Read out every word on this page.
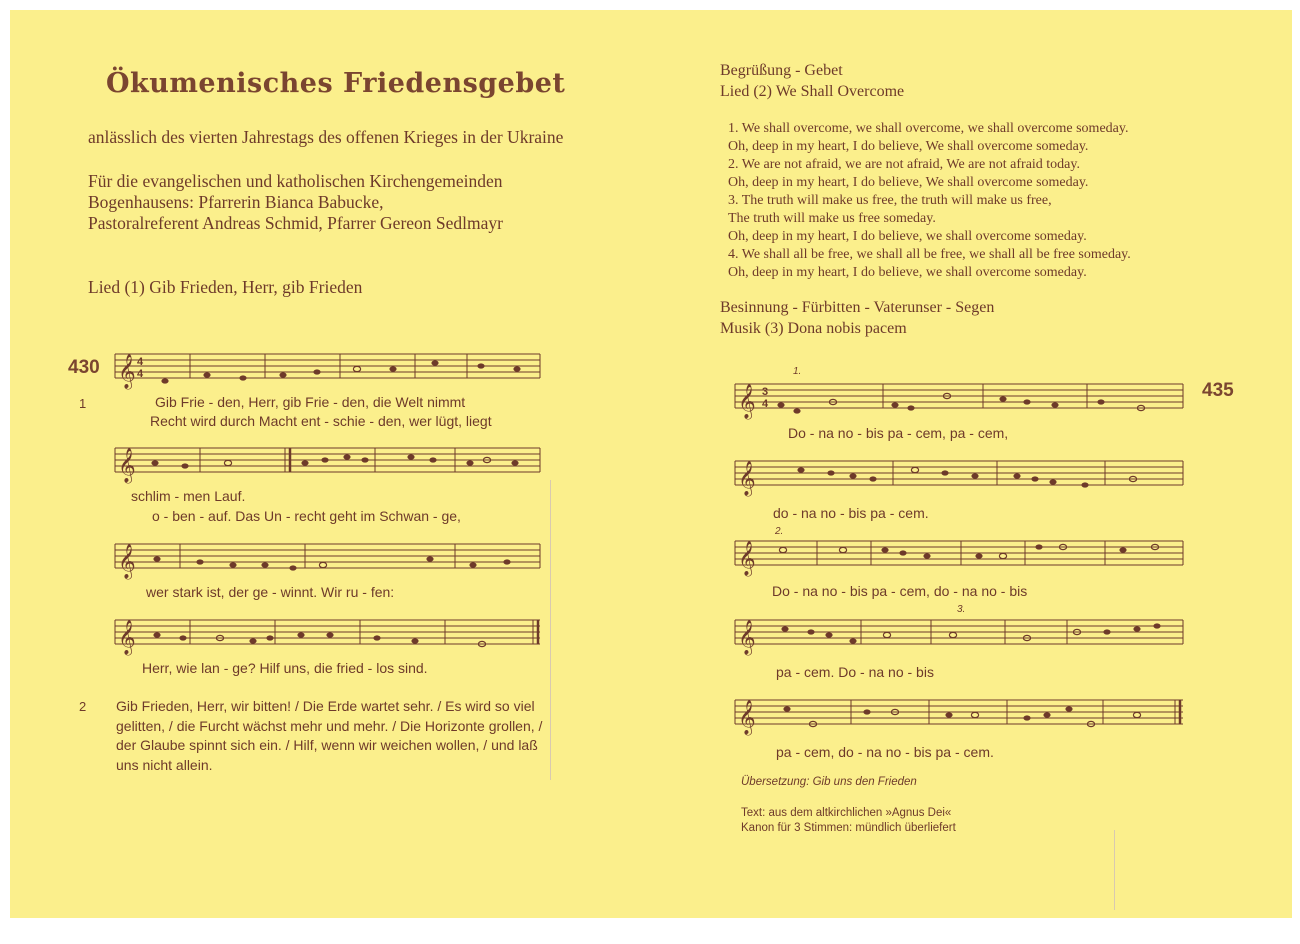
Ökumenisches Friedensgebet
anlässlich des vierten Jahrestags des offenen Krieges in der Ukraine
Für die evangelischen und katholischen Kirchengemeinden
Bogenhausens: Pfarrerin Bianca Babucke,
Pastoralreferent Andreas Schmid, Pfarrer Gereon Sedlmayr
Lied (1) Gib Frieden, Herr, gib Frieden
430
1
𝄞 4
4
Gib Frie - den, Herr, gib Frie - den, die Welt nimmt
Recht wird durch Macht ent - schie - den, wer lügt, liegt
𝄞
schlim - men Lauf.
o - ben - auf. Das Un - recht geht im Schwan - ge,
𝄞
wer stark ist, der ge - winnt. Wir ru - fen:
𝄞
Herr, wie lan - ge? Hilf uns, die fried - los sind.
2 Gib Frieden, Herr, wir bitten! / Die Erde wartet sehr. / Es wird so viel gelitten, / die Furcht wächst mehr und mehr. / Die Horizonte grollen, / der Glaube spinnt sich ein. / Hilf, wenn wir weichen wollen, / und laß uns nicht allein.
Begrüßung - Gebet
Lied (2) We Shall Overcome
1. We shall overcome, we shall overcome, we shall overcome someday.
Oh, deep in my heart, I do believe, We shall overcome someday.
2. We are not afraid, we are not afraid, We are not afraid today.
Oh, deep in my heart, I do believe, We shall overcome someday.
3. The truth will make us free, the truth will make us free,
The truth will make us free someday.
Oh, deep in my heart, I do believe, we shall overcome someday.
4. We shall all be free, we shall all be free, we shall all be free someday.
Oh, deep in my heart, I do believe, we shall overcome someday.
Besinnung - Fürbitten - Vaterunser - Segen
Musik (3) Dona nobis pacem
435
1.
𝄞 3
4
Do - na no - bis pa - cem, pa - cem,
𝄞
do - na no - bis pa - cem.
2.
𝄞
Do - na no - bis pa - cem, do - na no - bis
3.
𝄞
pa - cem. Do - na no - bis
𝄞
pa - cem, do - na no - bis pa - cem.
Übersetzung: Gib uns den Frieden
Text: aus dem altkirchlichen »Agnus Dei«
Kanon für 3 Stimmen: mündlich überliefert
